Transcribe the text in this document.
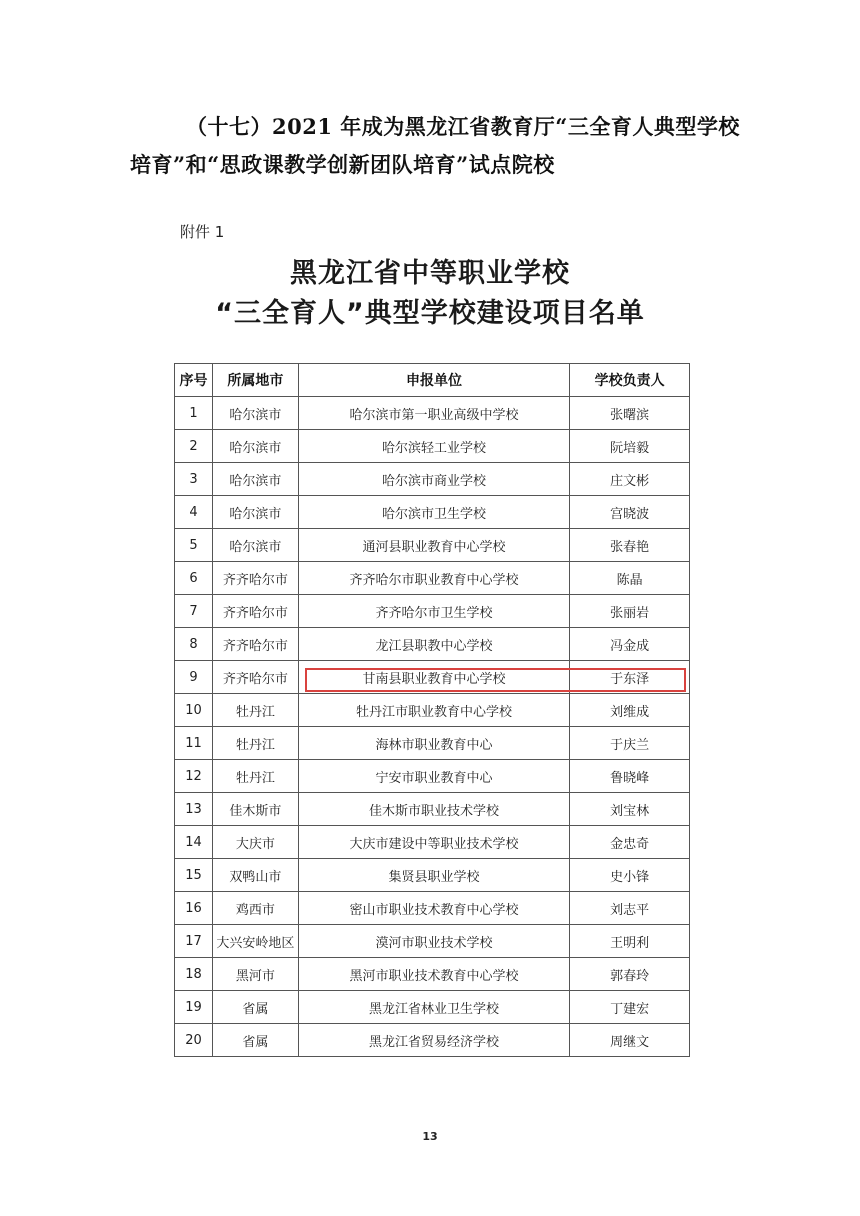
（十七）2021 年成为黑龙江省教育厅“三全育人典型学校培育”和“思政课教学创新团队培育”试点院校
附件 1
黑龙江省中等职业学校
“三全育人”典型学校建设项目名单
序号	所属地市	申报单位	学校负责人
1	哈尔滨市	哈尔滨市第一职业高级中学校	张曙滨
2	哈尔滨市	哈尔滨轻工业学校	阮培毅
3	哈尔滨市	哈尔滨市商业学校	庄文彬
4	哈尔滨市	哈尔滨市卫生学校	宫晓波
5	哈尔滨市	通河县职业教育中心学校	张春艳
6	齐齐哈尔市	齐齐哈尔市职业教育中心学校	陈晶
7	齐齐哈尔市	齐齐哈尔市卫生学校	张丽岩
8	齐齐哈尔市	龙江县职教中心学校	冯金成
9	齐齐哈尔市	甘南县职业教育中心学校	于东泽
10	牡丹江	牡丹江市职业教育中心学校	刘维成
11	牡丹江	海林市职业教育中心	于庆兰
12	牡丹江	宁安市职业教育中心	鲁晓峰
13	佳木斯市	佳木斯市职业技术学校	刘宝林
14	大庆市	大庆市建设中等职业技术学校	金忠奇
15	双鸭山市	集贤县职业学校	史小锋
16	鸡西市	密山市职业技术教育中心学校	刘志平
17	大兴安岭地区	漠河市职业技术学校	王明利
18	黑河市	黑河市职业技术教育中心学校	郭春玲
19	省属	黑龙江省林业卫生学校	丁建宏
20	省属	黑龙江省贸易经济学校	周继文
13
